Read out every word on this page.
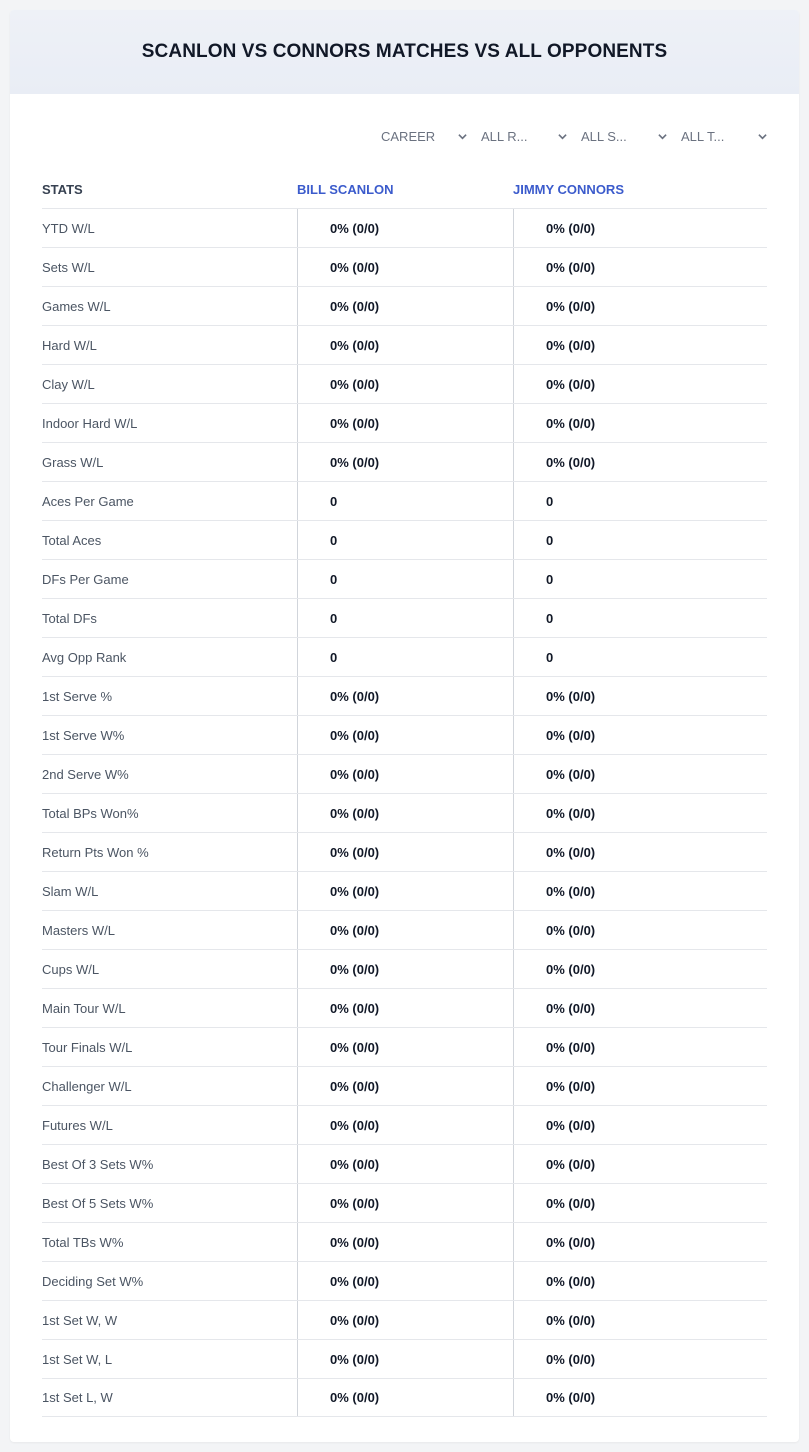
SCANLON VS CONNORS MATCHES VS ALL OPPONENTS
CAREER	ALL R...	ALL S...	ALL T...
STATS	BILL SCANLON	JIMMY CONNORS
YTD W/L	0% (0/0)	0% (0/0)
Sets W/L	0% (0/0)	0% (0/0)
Games W/L	0% (0/0)	0% (0/0)
Hard W/L	0% (0/0)	0% (0/0)
Clay W/L	0% (0/0)	0% (0/0)
Indoor Hard W/L	0% (0/0)	0% (0/0)
Grass W/L	0% (0/0)	0% (0/0)
Aces Per Game	0	0
Total Aces	0	0
DFs Per Game	0	0
Total DFs	0	0
Avg Opp Rank	0	0
1st Serve %	0% (0/0)	0% (0/0)
1st Serve W%	0% (0/0)	0% (0/0)
2nd Serve W%	0% (0/0)	0% (0/0)
Total BPs Won%	0% (0/0)	0% (0/0)
Return Pts Won %	0% (0/0)	0% (0/0)
Slam W/L	0% (0/0)	0% (0/0)
Masters W/L	0% (0/0)	0% (0/0)
Cups W/L	0% (0/0)	0% (0/0)
Main Tour W/L	0% (0/0)	0% (0/0)
Tour Finals W/L	0% (0/0)	0% (0/0)
Challenger W/L	0% (0/0)	0% (0/0)
Futures W/L	0% (0/0)	0% (0/0)
Best Of 3 Sets W%	0% (0/0)	0% (0/0)
Best Of 5 Sets W%	0% (0/0)	0% (0/0)
Total TBs W%	0% (0/0)	0% (0/0)
Deciding Set W%	0% (0/0)	0% (0/0)
1st Set W, W	0% (0/0)	0% (0/0)
1st Set W, L	0% (0/0)	0% (0/0)
1st Set L, W	0% (0/0)	0% (0/0)
